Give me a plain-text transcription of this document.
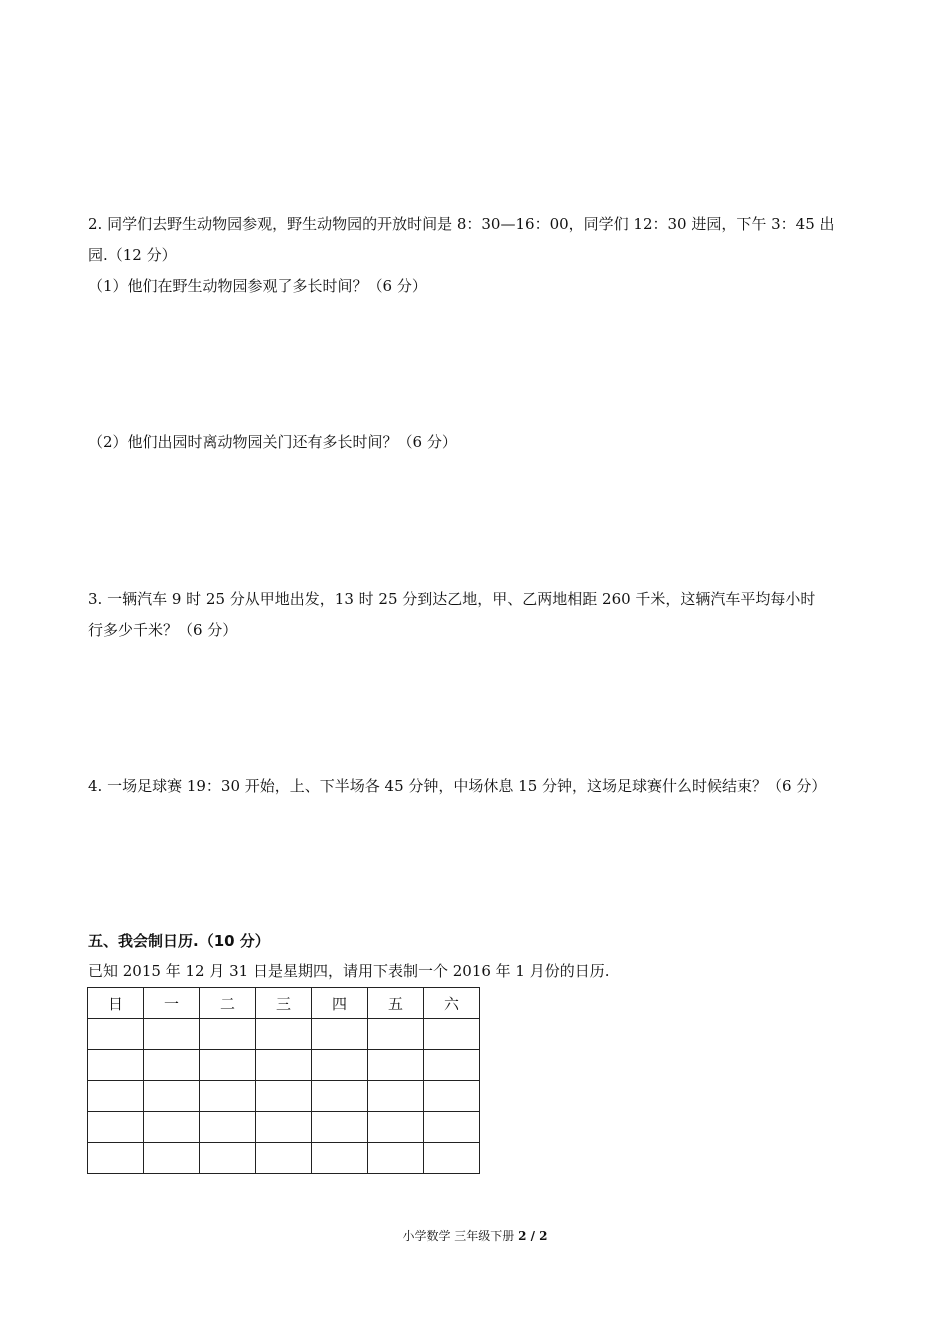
2. 同学们去野生动物园参观，野生动物园的开放时间是 8：30—16：00，同学们 12：30 进园，下午 3：45 出
园.（12 分）
（1）他们在野生动物园参观了多长时间？（6 分）
（2）他们出园时离动物园关门还有多长时间？（6 分）
3. 一辆汽车 9 时 25 分从甲地出发，13 时 25 分到达乙地，甲、乙两地相距 260 千米，这辆汽车平均每小时
行多少千米？（6 分）
4. 一场足球赛 19：30 开始，上、下半场各 45 分钟，中场休息 15 分钟，这场足球赛什么时候结束？（6 分）
五、我会制日历.（10 分）
已知 2015 年 12 月 31 日是星期四，请用下表制一个 2016 年 1 月份的日历.
日	一	二	三	四	五	六

小学数学 三年级下册 2 / 2
